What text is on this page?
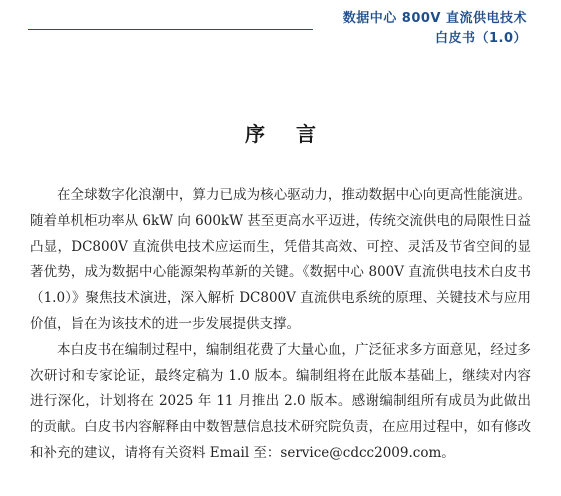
数据中心 800V 直流供电技术
白皮书（1.0）
序 言

在全球数字化浪潮中，算力已成为核心驱动力，推动数据中心向更高性能演进。随着单机柜功率从 6kW 向 600kW 甚至更高水平迈进，传统交流供电的局限性日益凸显，DC800V 直流供电技术应运而生，凭借其高效、可控、灵活及节省空间的显著优势，成为数据中心能源架构革新的关键。《数据中心 800V 直流供电技术白皮书（1.0）》聚焦技术演进，深入解析 DC800V 直流供电系统的原理、关键技术与应用价值，旨在为该技术的进一步发展提供支撑。

本白皮书在编制过程中，编制组花费了大量心血，广泛征求多方面意见，经过多次研讨和专家论证，最终定稿为 1.0 版本。编制组将在此版本基础上，继续对内容进行深化，计划将在 2025 年 11 月推出 2.0 版本。感谢编制组所有成员为此做出的贡献。白皮书内容解释由中数智慧信息技术研究院负责，在应用过程中，如有修改和补充的建议，请将有关资料 Email 至：service@cdcc2009.com。
